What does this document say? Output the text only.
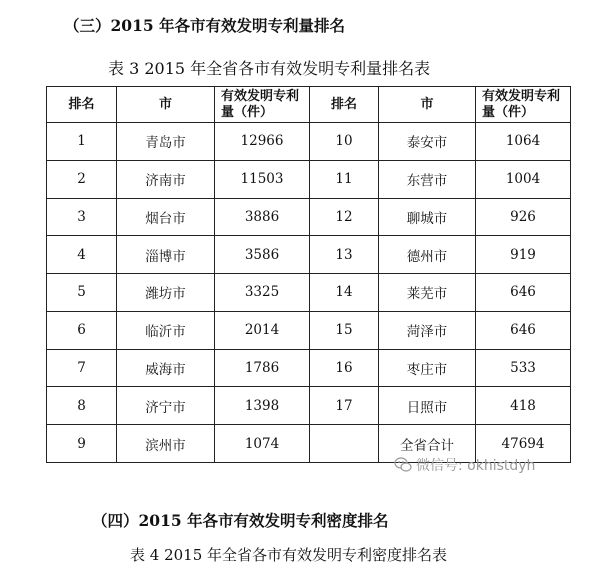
（三）2015 年各市有效发明专利量排名
表 3 2015 年全省各市有效发明专利量排名表
排名	市	有效发明专利量（件）	排名	市	有效发明专利量（件）
1	青岛市	12966	10	泰安市	1064
2	济南市	11503	11	东营市	1004
3	烟台市	3886	12	聊城市	926
4	淄博市	3586	13	德州市	919
5	潍坊市	3325	14	莱芜市	646
6	临沂市	2014	15	菏泽市	646
7	威海市	1786	16	枣庄市	533
8	济宁市	1398	17	日照市	418
9	滨州市	1074		全省合计	47694
微信号: okhistdyh
（四）2015 年各市有效发明专利密度排名
表 4 2015 年全省各市有效发明专利密度排名表
